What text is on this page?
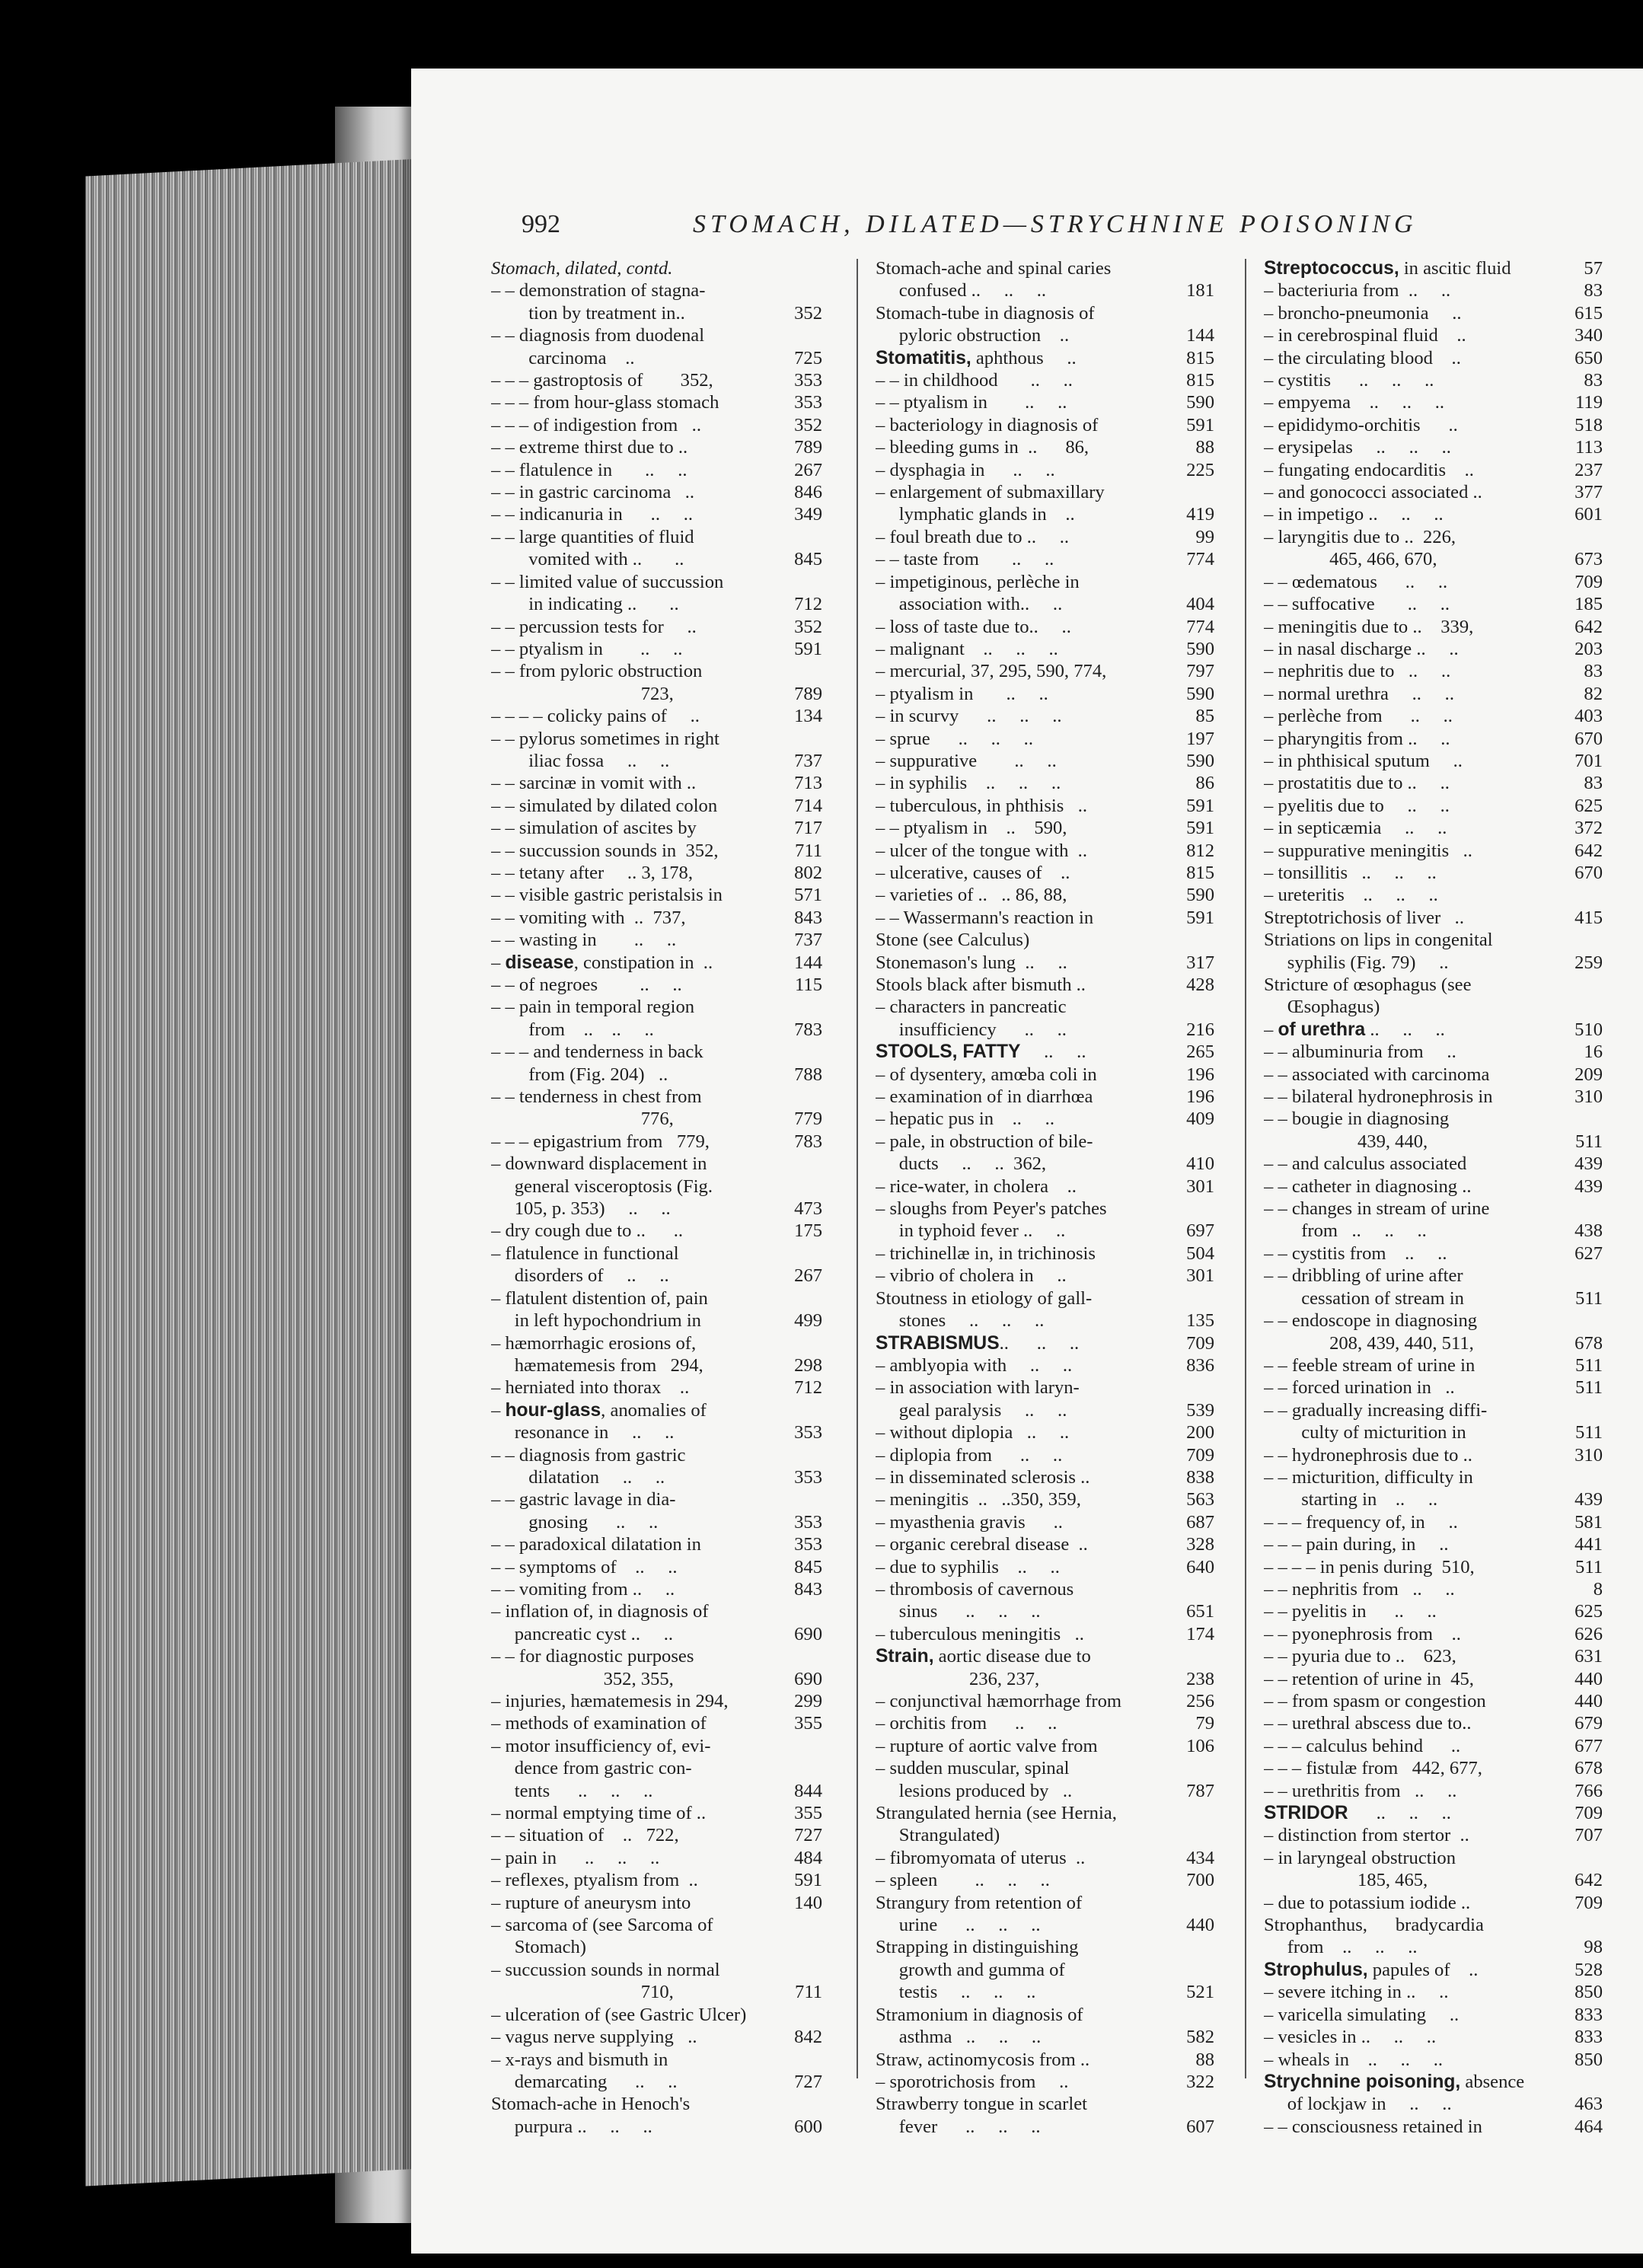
992	STOMACH, DILATED—STRYCHNINE POISONING
Stomach, dilated, contd.
– – demonstration of stagna-
tion by treatment in..	352
– – diagnosis from duodenal
carcinoma    ..	725
– – – gastroptosis of        352,	353
– – – from hour-glass stomach	353
– – – of indigestion from   ..	352
– – extreme thirst due to ..	789
– – flatulence in       ..     ..	267
– – in gastric carcinoma   ..	846
– – indicanuria in      ..     ..	349
– – large quantities of fluid
vomited with ..       ..	845
– – limited value of succussion
in indicating ..       ..	712
– – percussion tests for     ..	352
– – ptyalism in        ..     ..	591
– – from pyloric obstruction
723,	789
– – – – colicky pains of     ..	134
– – pylorus sometimes in right
iliac fossa     ..     ..	737
– – sarcinæ in vomit with ..	713
– – simulated by dilated colon	714
– – simulation of ascites by	717
– – succussion sounds in  352,	711
– – tetany after     .. 3, 178,	802
– – visible gastric peristalsis in	571
– – vomiting with  ..  737,	843
– – wasting in        ..     ..	737
– disease, constipation in  ..	144
– – of negroes         ..     ..	115
– – pain in temporal region
from    ..    ..     ..	783
– – – and tenderness in back
from (Fig. 204)   ..	788
– – tenderness in chest from
776,	779
– – – epigastrium from   779,	783
– downward displacement in
general visceroptosis (Fig.
105, p. 353)     ..     ..	473
– dry cough due to ..      ..	175
– flatulence in functional
disorders of     ..     ..	267
– flatulent distention of, pain
in left hypochondrium in	499
– hæmorrhagic erosions of,
hæmatemesis from   294,	298
– herniated into thorax    ..	712
– hour-glass, anomalies of
resonance in     ..     ..	353
– – diagnosis from gastric
dilatation     ..     ..	353
– – gastric lavage in dia-
gnosing      ..     ..	353
– – paradoxical dilatation in	353
– – symptoms of    ..     ..	845
– – vomiting from ..     ..	843
– inflation of, in diagnosis of
pancreatic cyst ..     ..	690
– – for diagnostic purposes
352, 355,	690
– injuries, hæmatemesis in 294,	299
– methods of examination of	355
– motor insufficiency of, evi-
dence from gastric con-
tents      ..     ..     ..	844
– normal emptying time of ..	355
– – situation of    ..   722,	727
– pain in      ..     ..     ..	484
– reflexes, ptyalism from  ..	591
– rupture of aneurysm into	140
– sarcoma of (see Sarcoma of
Stomach)
– succussion sounds in normal
710,	711
– ulceration of (see Gastric Ulcer)
– vagus nerve supplying   ..	842
– x-rays and bismuth in
demarcating      ..     ..	727
Stomach-ache in Henoch's
purpura ..     ..     ..	600
Stomach-ache and spinal caries
confused ..     ..     ..	181
Stomach-tube in diagnosis of
pyloric obstruction    ..	144
Stomatitis, aphthous     ..	815
– – in childhood       ..     ..	815
– – ptyalism in        ..     ..	590
– bacteriology in diagnosis of	591
– bleeding gums in  ..      86,	88
– dysphagia in      ..     ..	225
– enlargement of submaxillary
lymphatic glands in    ..	419
– foul breath due to ..     ..	99
– – taste from       ..     ..	774
– impetiginous, perlèche in
association with..     ..	404
– loss of taste due to..     ..	774
– malignant    ..     ..     ..	590
– mercurial, 37, 295, 590, 774,	797
– ptyalism in       ..     ..	590
– in scurvy      ..     ..     ..	85
– sprue      ..     ..     ..	197
– suppurative        ..     ..	590
– in syphilis    ..     ..     ..	86
– tuberculous, in phthisis   ..	591
– – ptyalism in    ..    590,	591
– ulcer of the tongue with  ..	812
– ulcerative, causes of    ..	815
– varieties of ..   .. 86, 88,	590
– – Wassermann's reaction in	591
Stone (see Calculus)
Stonemason's lung  ..     ..	317
Stools black after bismuth ..	428
– characters in pancreatic
insufficiency      ..     ..	216
STOOLS, FATTY     ..     ..	265
– of dysentery, amœba coli in	196
– examination of in diarrhœa	196
– hepatic pus in    ..     ..	409
– pale, in obstruction of bile-
ducts     ..     ..  362,	410
– rice-water, in cholera    ..	301
– sloughs from Peyer's patches
in typhoid fever ..     ..	697
– trichinellæ in, in trichinosis	504
– vibrio of cholera in     ..	301
Stoutness in etiology of gall-
stones     ..     ..     ..	135
STRABISMUS..      ..     ..	709
– amblyopia with     ..     ..	836
– in association with laryn-
geal paralysis     ..     ..	539
– without diplopia   ..     ..	200
– diplopia from      ..     ..	709
– in disseminated sclerosis ..	838
– meningitis  ..   ..350, 359,	563
– myasthenia gravis      ..	687
– organic cerebral disease  ..	328
– due to syphilis    ..     ..	640
– thrombosis of cavernous
sinus      ..     ..     ..	651
– tuberculous meningitis   ..	174
Strain, aortic disease due to
236, 237,	238
– conjunctival hæmorrhage from	256
– orchitis from      ..     ..	79
– rupture of aortic valve from	106
– sudden muscular, spinal
lesions produced by   ..	787
Strangulated hernia (see Hernia,
Strangulated)
– fibromyomata of uterus  ..	434
– spleen        ..     ..     ..	700
Strangury from retention of
urine      ..     ..     ..	440
Strapping in distinguishing
growth and gumma of
testis     ..     ..     ..	521
Stramonium in diagnosis of
asthma   ..     ..     ..	582
Straw, actinomycosis from ..	88
– sporotrichosis from     ..	322
Strawberry tongue in scarlet
fever      ..     ..     ..	607
Streptococcus, in ascitic fluid	57
– bacteriuria from  ..     ..	83
– broncho-pneumonia     ..	615
– in cerebrospinal fluid    ..	340
– the circulating blood    ..	650
– cystitis      ..     ..     ..	83
– empyema    ..     ..     ..	119
– epididymo-orchitis      ..	518
– erysipelas     ..     ..     ..	113
– fungating endocarditis    ..	237
– and gonococci associated ..	377
– in impetigo ..     ..     ..	601
– laryngitis due to ..  226,
465, 466, 670,	673
– – œdematous      ..     ..	709
– – suffocative       ..     ..	185
– meningitis due to ..    339,	642
– in nasal discharge ..     ..	203
– nephritis due to   ..     ..	83
– normal urethra     ..     ..	82
– perlèche from      ..     ..	403
– pharyngitis from ..     ..	670
– in phthisical sputum     ..	701
– prostatitis due to ..     ..	83
– pyelitis due to     ..     ..	625
– in septicæmia     ..     ..	372
– suppurative meningitis   ..	642
– tonsillitis   ..     ..     ..	670
– ureteritis    ..     ..     ..
Streptotrichosis of liver   ..	415
Striations on lips in congenital
syphilis (Fig. 79)     ..	259
Stricture of œsophagus (see
Œsophagus)
– of urethra ..     ..     ..	510
– – albuminuria from     ..	16
– – associated with carcinoma	209
– – bilateral hydronephrosis in	310
– – bougie in diagnosing
439, 440,	511
– – and calculus associated	439
– – catheter in diagnosing ..	439
– – changes in stream of urine
from   ..     ..     ..	438
– – cystitis from    ..     ..	627
– – dribbling of urine after
cessation of stream in	511
– – endoscope in diagnosing
208, 439, 440, 511,	678
– – feeble stream of urine in	511
– – forced urination in   ..	511
– – gradually increasing diffi-
culty of micturition in	511
– – hydronephrosis due to ..	310
– – micturition, difficulty in
starting in    ..     ..	439
– – – frequency of, in     ..	581
– – – pain during, in     ..	441
– – – – in penis during  510,	511
– – nephritis from   ..     ..	8
– – pyelitis in      ..     ..	625
– – pyonephrosis from    ..	626
– – pyuria due to ..    623,	631
– – retention of urine in  45,	440
– – from spasm or congestion	440
– – urethral abscess due to..	679
– – – calculus behind      ..	677
– – – fistulæ from   442, 677,	678
– – urethritis from   ..     ..	766
STRIDOR      ..     ..     ..	709
– distinction from stertor  ..	707
– in laryngeal obstruction
185, 465,	642
– due to potassium iodide ..	709
Strophanthus,      bradycardia
from    ..     ..     ..	98
Strophulus, papules of    ..	528
– severe itching in ..     ..	850
– varicella simulating     ..	833
– vesicles in ..     ..     ..	833
– wheals in    ..     ..     ..	850
Strychnine poisoning, absence
of lockjaw in     ..     ..	463
– – consciousness retained in	464
